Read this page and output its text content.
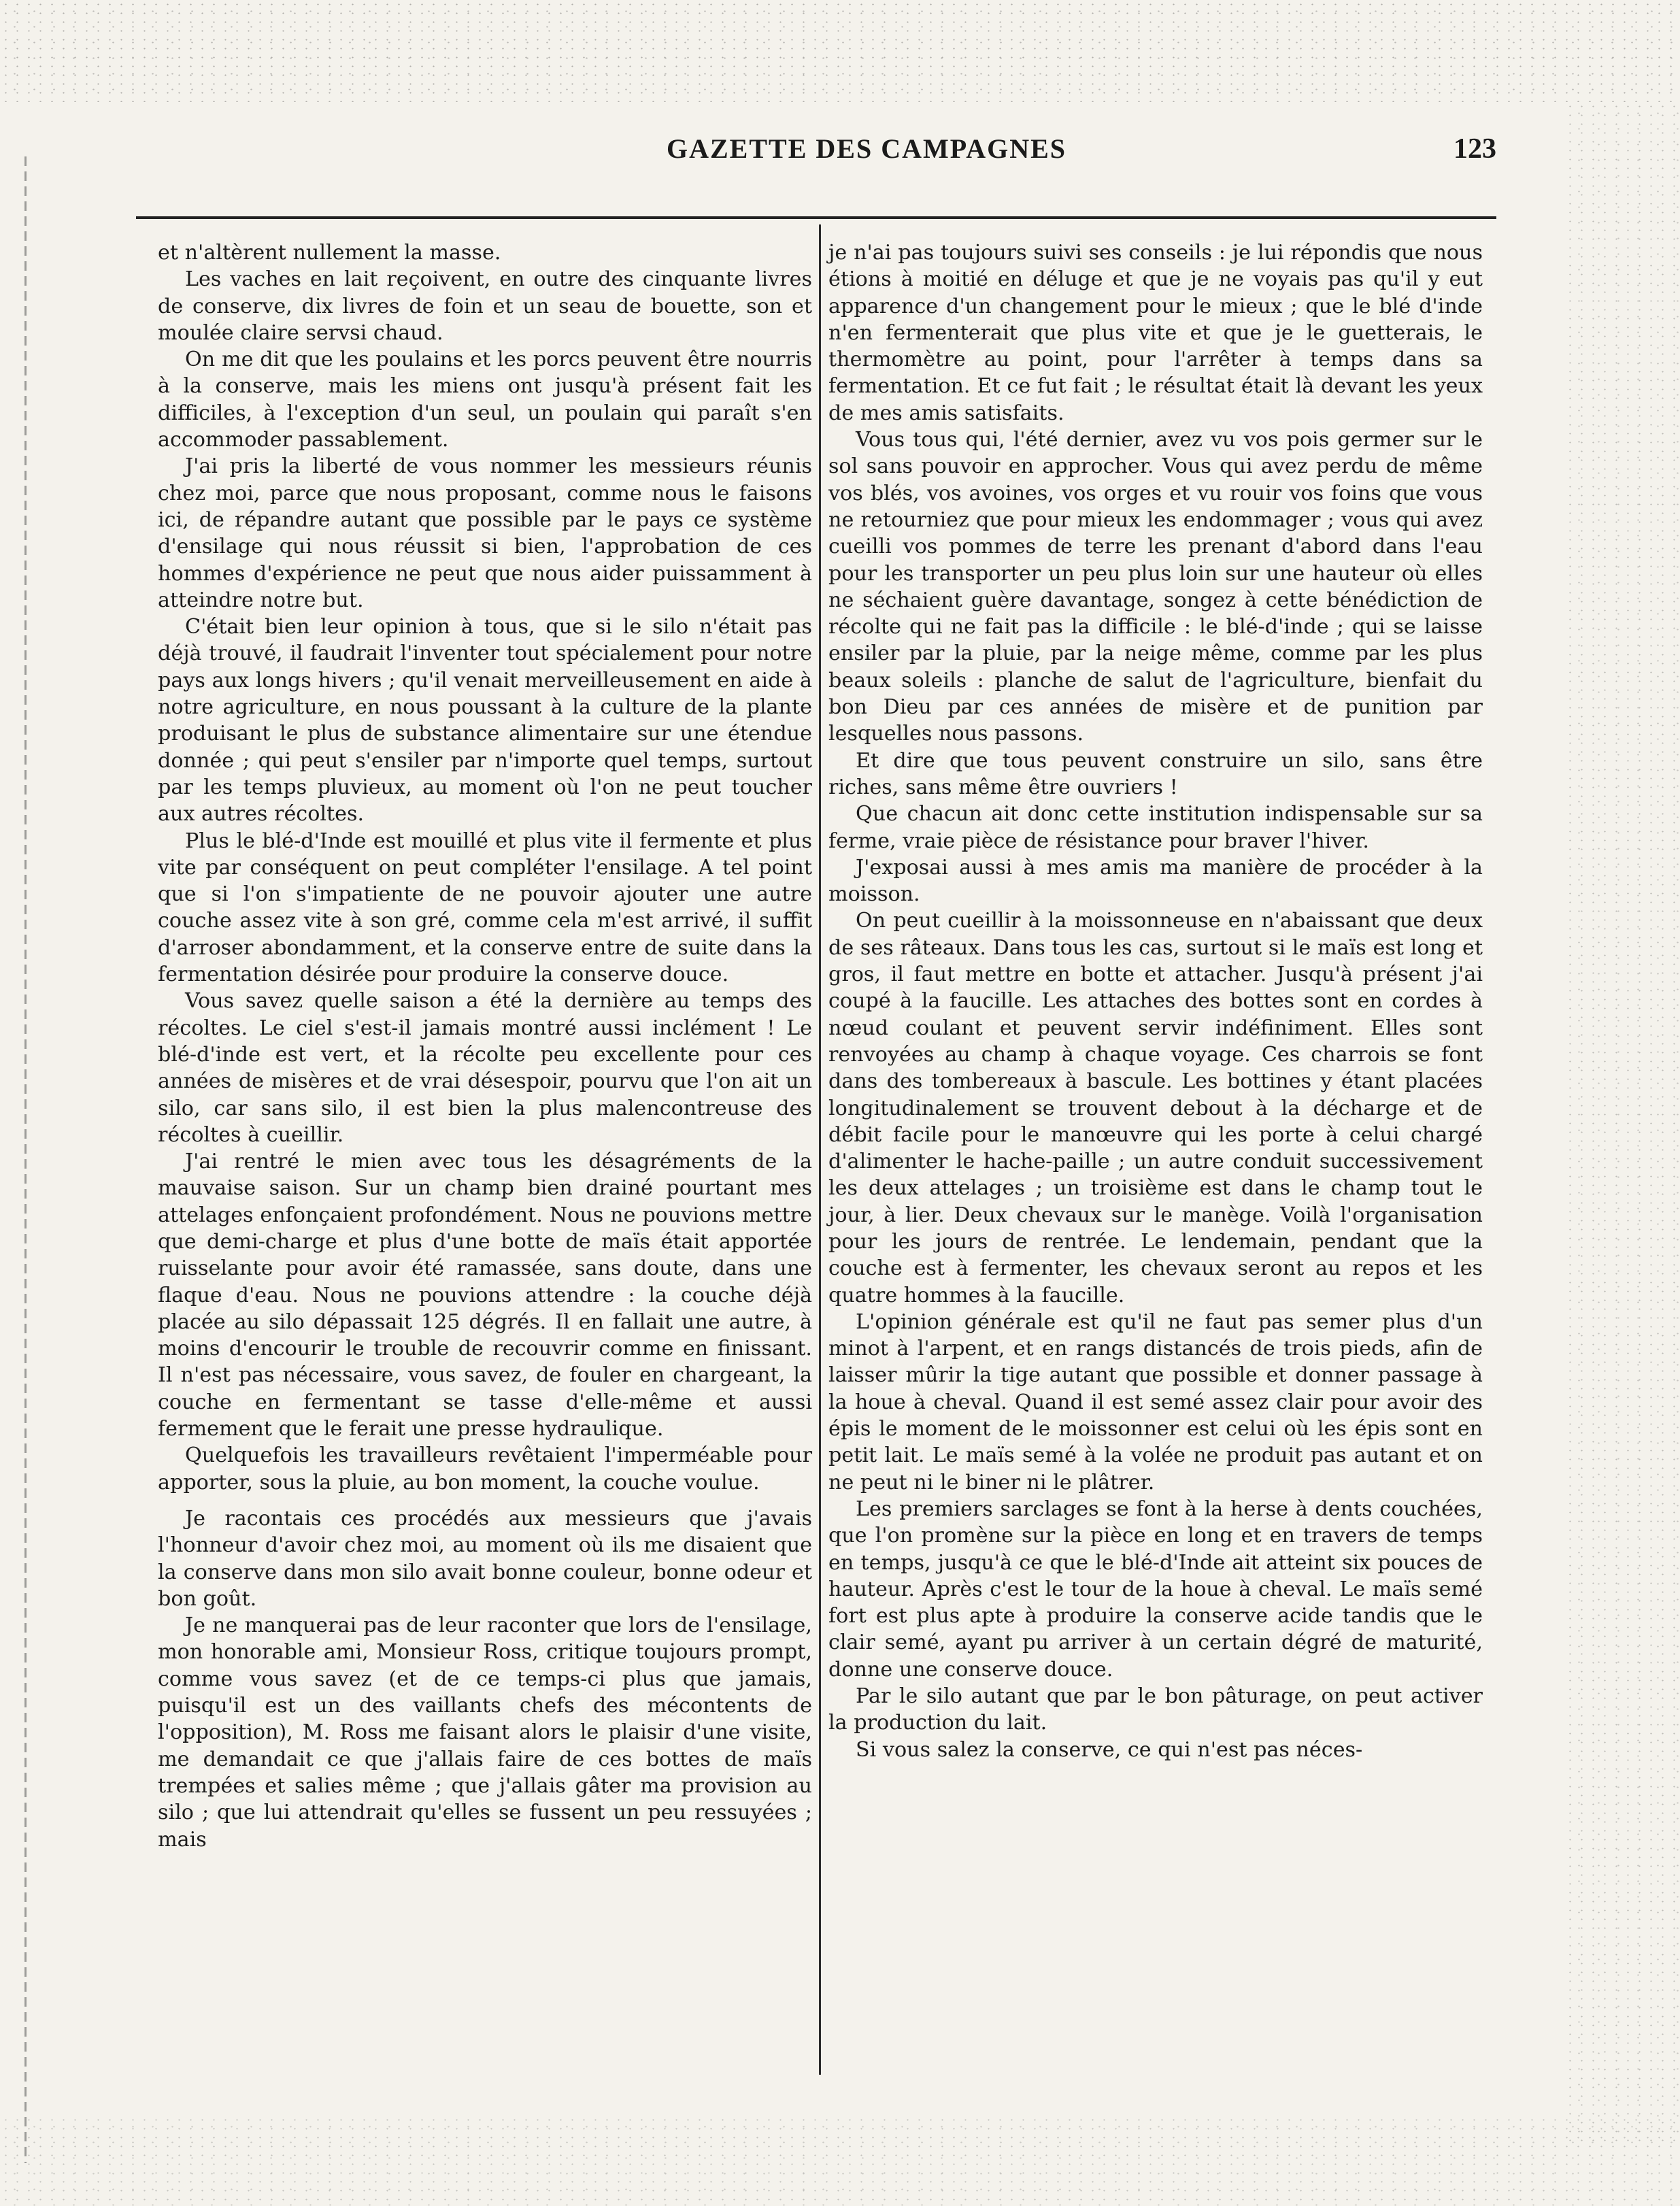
GAZETTE DES CAMPAGNES	123

et n'altèrent nullement la masse.

Les vaches en lait reçoivent, en outre des cinquante livres de conserve, dix livres de foin et un seau de bouette, son et moulée claire servsi chaud.

On me dit que les poulains et les porcs peuvent être nourris à la conserve, mais les miens ont jusqu'à présent fait les difficiles, à l'exception d'un seul, un poulain qui paraît s'en accommoder passablement.

J'ai pris la liberté de vous nommer les messieurs réunis chez moi, parce que nous proposant, comme nous le faisons ici, de répandre autant que possible par le pays ce système d'ensilage qui nous réussit si bien, l'approbation de ces hommes d'expérience ne peut que nous aider puissamment à atteindre notre but.

C'était bien leur opinion à tous, que si le silo n'était pas déjà trouvé, il faudrait l'inventer tout spécialement pour notre pays aux longs hivers ; qu'il venait merveilleusement en aide à notre agriculture, en nous poussant à la culture de la plante produisant le plus de substance alimentaire sur une étendue donnée ; qui peut s'ensiler par n'importe quel temps, surtout par les temps pluvieux, au moment où l'on ne peut toucher aux autres récoltes.

Plus le blé-d'Inde est mouillé et plus vite il fermente et plus vite par conséquent on peut compléter l'ensilage. A tel point que si l'on s'impatiente de ne pouvoir ajouter une autre couche assez vite à son gré, comme cela m'est arrivé, il suffit d'arroser abondamment, et la conserve entre de suite dans la fermentation désirée pour produire la conserve douce.

Vous savez quelle saison a été la dernière au temps des récoltes. Le ciel s'est-il jamais montré aussi inclément ! Le blé-d'inde est vert, et la récolte peu excellente pour ces années de misères et de vrai désespoir, pourvu que l'on ait un silo, car sans silo, il est bien la plus malencontreuse des récoltes à cueillir.

J'ai rentré le mien avec tous les désagréments de la mauvaise saison. Sur un champ bien drainé pourtant mes attelages enfonçaient profondément. Nous ne pouvions mettre que demi-charge et plus d'une botte de maïs était apportée ruisselante pour avoir été ramassée, sans doute, dans une flaque d'eau. Nous ne pouvions attendre : la couche déjà placée au silo dépassait 125 dégrés. Il en fallait une autre, à moins d'encourir le trouble de recouvrir comme en finissant. Il n'est pas nécessaire, vous savez, de fouler en chargeant, la couche en fermentant se tasse d'elle-même et aussi fermement que le ferait une presse hydraulique.

Quelquefois les travailleurs revêtaient l'imperméable pour apporter, sous la pluie, au bon moment, la couche voulue.

Je racontais ces procédés aux messieurs que j'avais l'honneur d'avoir chez moi, au moment où ils me disaient que la conserve dans mon silo avait bonne couleur, bonne odeur et bon goût.

Je ne manquerai pas de leur raconter que lors de l'ensilage, mon honorable ami, Monsieur Ross, critique toujours prompt, comme vous savez (et de ce temps-ci plus que jamais, puisqu'il est un des vaillants chefs des mécontents de l'opposition), M. Ross me faisant alors le plaisir d'une visite, me demandait ce que j'allais faire de ces bottes de maïs trempées et salies même ; que j'allais gâter ma provision au silo ; que lui attendrait qu'elles se fussent un peu ressuyées ; mais

je n'ai pas toujours suivi ses conseils : je lui répondis que nous étions à moitié en déluge et que je ne voyais pas qu'il y eut apparence d'un changement pour le mieux ; que le blé d'inde n'en fermenterait que plus vite et que je le guetterais, le thermomètre au point, pour l'arrêter à temps dans sa fermentation. Et ce fut fait ; le résultat était là devant les yeux de mes amis satisfaits.

Vous tous qui, l'été dernier, avez vu vos pois germer sur le sol sans pouvoir en approcher. Vous qui avez perdu de même vos blés, vos avoines, vos orges et vu rouir vos foins que vous ne retourniez que pour mieux les endommager ; vous qui avez cueilli vos pommes de terre les prenant d'abord dans l'eau pour les transporter un peu plus loin sur une hauteur où elles ne séchaient guère davantage, songez à cette bénédiction de récolte qui ne fait pas la difficile : le blé-d'inde ; qui se laisse ensiler par la pluie, par la neige même, comme par les plus beaux soleils : planche de salut de l'agriculture, bienfait du bon Dieu par ces années de misère et de punition par lesquelles nous passons.

Et dire que tous peuvent construire un silo, sans être riches, sans même être ouvriers !

Que chacun ait donc cette institution indispensable sur sa ferme, vraie pièce de résistance pour braver l'hiver.

J'exposai aussi à mes amis ma manière de procéder à la moisson.

On peut cueillir à la moissonneuse en n'abaissant que deux de ses râteaux. Dans tous les cas, surtout si le maïs est long et gros, il faut mettre en botte et attacher. Jusqu'à présent j'ai coupé à la faucille. Les attaches des bottes sont en cordes à nœud coulant et peuvent servir indéfiniment. Elles sont renvoyées au champ à chaque voyage. Ces charrois se font dans des tombereaux à bascule. Les bottines y étant placées longitudinalement se trouvent debout à la décharge et de débit facile pour le manœuvre qui les porte à celui chargé d'alimenter le hache-paille ; un autre conduit successivement les deux attelages ; un troisième est dans le champ tout le jour, à lier. Deux chevaux sur le manège. Voilà l'organisation pour les jours de rentrée. Le lendemain, pendant que la couche est à fermenter, les chevaux seront au repos et les quatre hommes à la faucille.

L'opinion générale est qu'il ne faut pas semer plus d'un minot à l'arpent, et en rangs distancés de trois pieds, afin de laisser mûrir la tige autant que possible et donner passage à la houe à cheval. Quand il est semé assez clair pour avoir des épis le moment de le moissonner est celui où les épis sont en petit lait. Le maïs semé à la volée ne produit pas autant et on ne peut ni le biner ni le plâtrer.

Les premiers sarclages se font à la herse à dents couchées, que l'on promène sur la pièce en long et en travers de temps en temps, jusqu'à ce que le blé-d'Inde ait atteint six pouces de hauteur. Après c'est le tour de la houe à cheval. Le maïs semé fort est plus apte à produire la conserve acide tandis que le clair semé, ayant pu arriver à un certain dégré de maturité, donne une conserve douce.

Par le silo autant que par le bon pâturage, on peut activer la production du lait.

Si vous salez la conserve, ce qui n'est pas néces-
